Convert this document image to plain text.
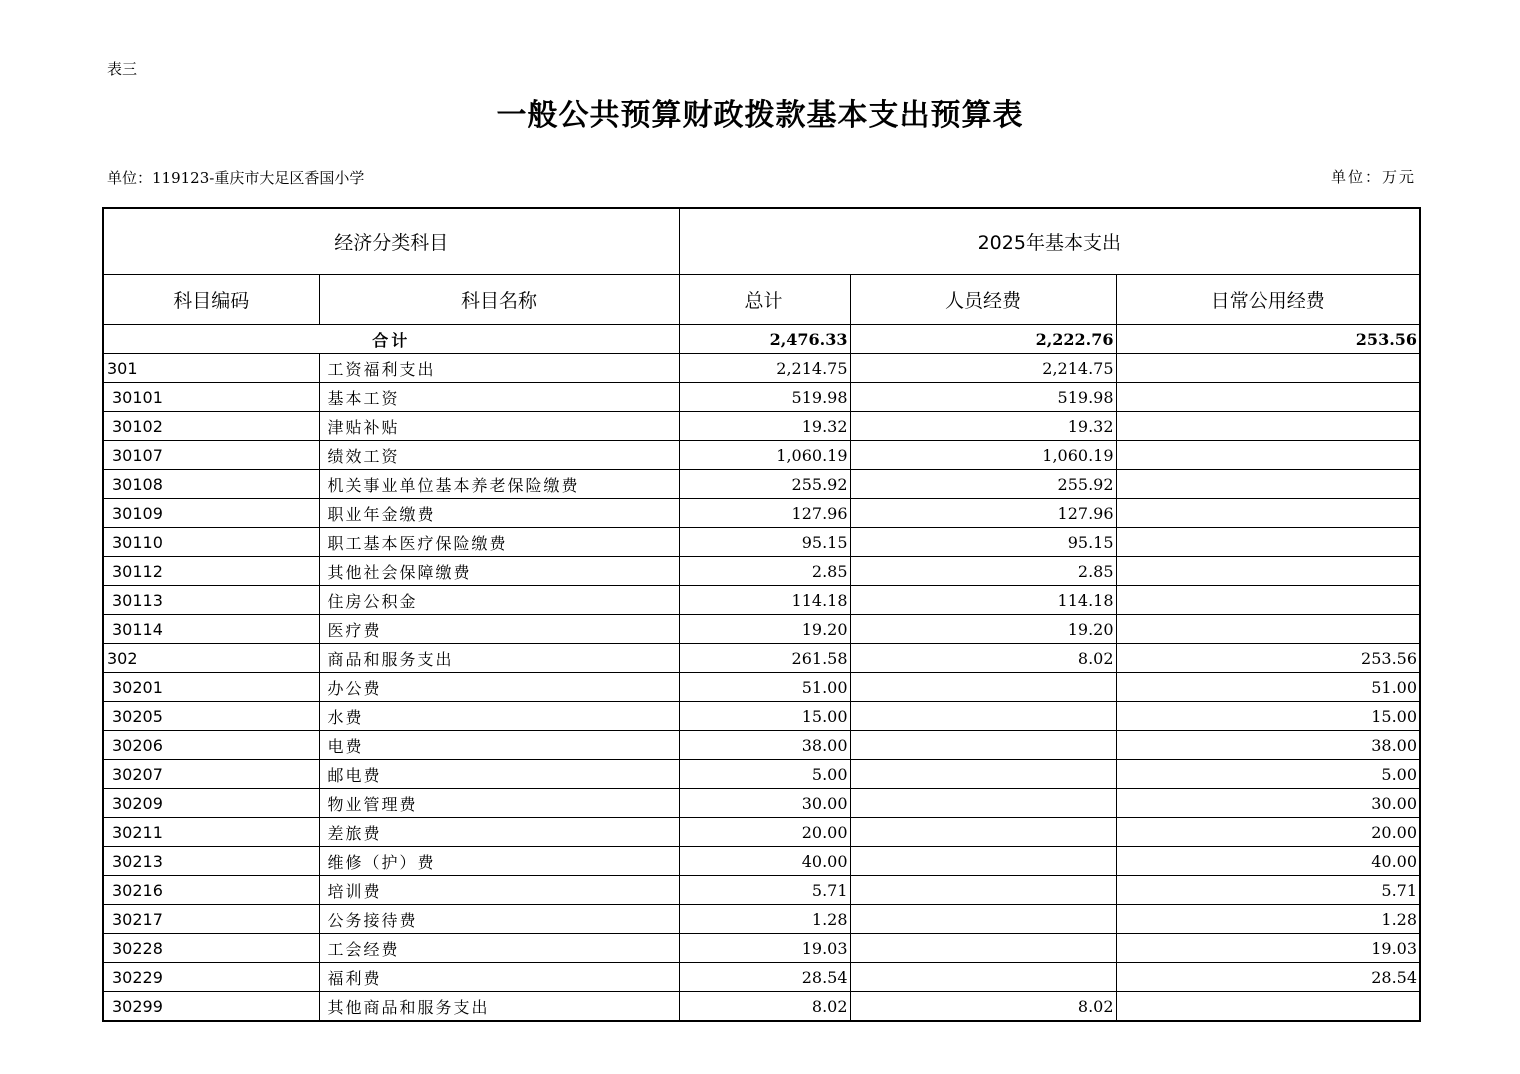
表三
一般公共预算财政拨款基本支出预算表
单位：119123-重庆市大足区香国小学	单位：万元
经济分类科目		2025年基本支出		
科目编码	科目名称	总计	人员经费	日常公用经费
合计		2,476.33	2,222.76	253.56
301	工资福利支出	2,214.75	2,214.75	
30101	基本工资	519.98	519.98	
30102	津贴补贴	19.32	19.32	
30107	绩效工资	1,060.19	1,060.19	
30108	机关事业单位基本养老保险缴费	255.92	255.92	
30109	职业年金缴费	127.96	127.96	
30110	职工基本医疗保险缴费	95.15	95.15	
30112	其他社会保障缴费	2.85	2.85	
30113	住房公积金	114.18	114.18	
30114	医疗费	19.20	19.20	
302	商品和服务支出	261.58	8.02	253.56
30201	办公费	51.00		51.00
30205	水费	15.00		15.00
30206	电费	38.00		38.00
30207	邮电费	5.00		5.00
30209	物业管理费	30.00		30.00
30211	差旅费	20.00		20.00
30213	维修（护）费	40.00		40.00
30216	培训费	5.71		5.71
30217	公务接待费	1.28		1.28
30228	工会经费	19.03		19.03
30229	福利费	28.54		28.54
30299	其他商品和服务支出	8.02	8.02	
